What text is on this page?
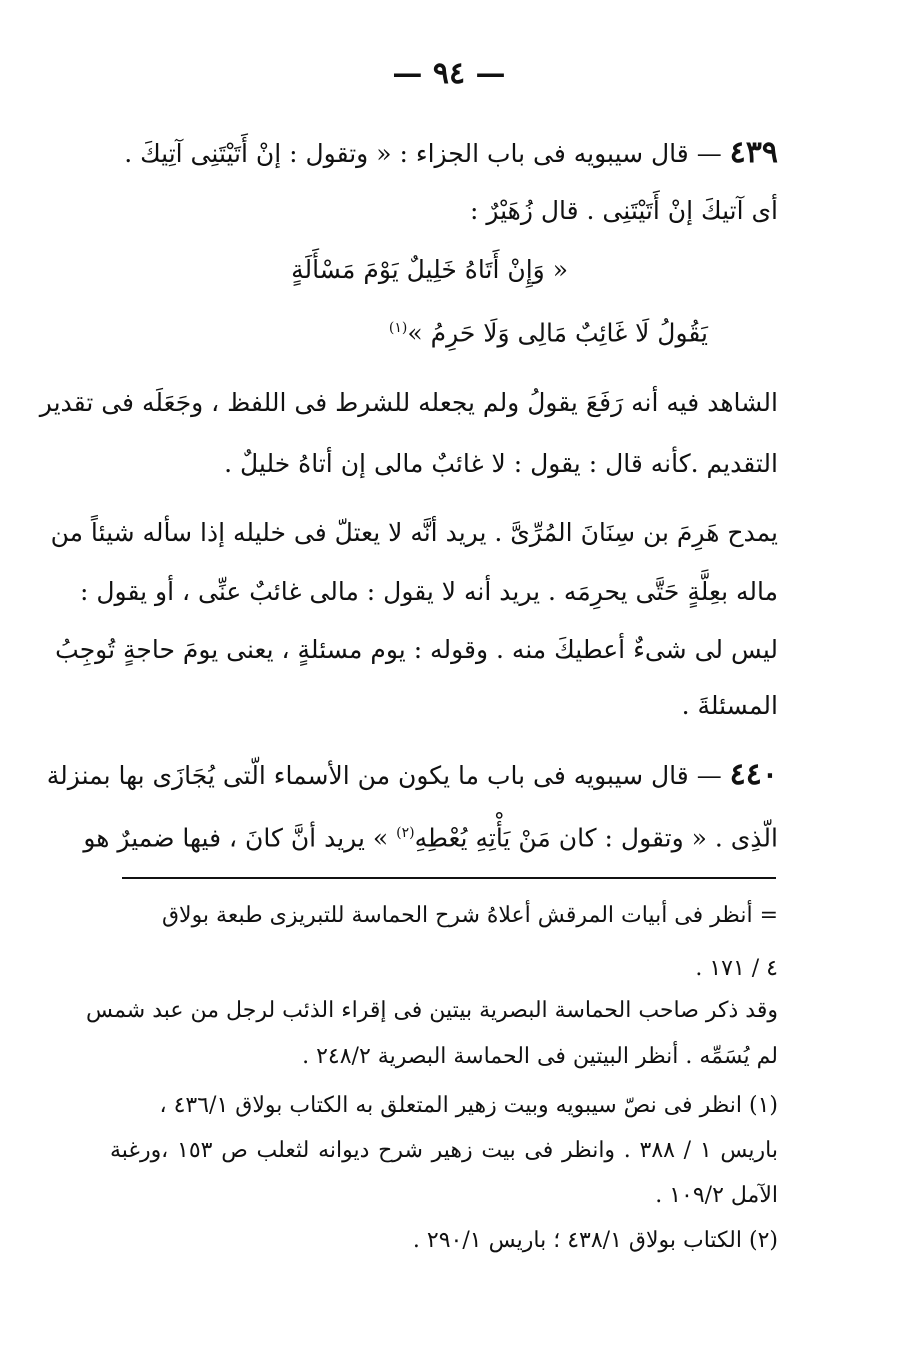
— ٩٤ —
٤٣٩ — قال سيبويه فى باب الجزاء : « وتقول : إنْ أَتَيْتَنِى آتِيكَ .
أى آتيكَ إنْ أَتَيْتَنِى . قال زُهَيْرٌ :
« وَإِنْ أَتَاهُ خَلِيلٌ يَوْمَ مَسْأَلَةٍ
يَقُولُ لَا غَائِبٌ مَالِى وَلَا حَرِمُ »$^{(١)}$
الشاهد فيه أنه رَفَعَ يقولُ ولم يجعله للشرط فى اللفظ ، وجَعَلَه فى تقدير
التقديم .كأنه قال : يقول : لا غائبٌ مالى إن أتاهُ خليلٌ .
يمدح هَرِمَ بن سِنَانَ المُرِّىَّ . يريد أنَّه لا يعتلّ فى خليله إذا سأله شيئاً من
ماله بعِلَّةٍ حَتَّى يحرِمَه . يريد أنه لا يقول : مالى غائبٌ عنِّى ، أو يقول :
ليس لى شىءٌ أعطيكَ منه . وقوله : يوم مسئلةٍ ، يعنى يومَ حاجةٍ تُوجِبُ
المسئلةَ .
٤٤٠ — قال سيبويه فى باب ما يكون من الأسماء الّتى يُجَازَى بها بمنزلة
الّذِى . « وتقول : كان مَنْ يَأْتِهِ يُعْطِهِ$^{(٢)}$ » يريد أنَّ كانَ ، فيها ضميرٌ هو
= أنظر فى أبيات المرقش أعلاهُ شرح الحماسة للتبريزى طبعة بولاق
٤ / ١٧١ .
وقد ذكر صاحب الحماسة البصرية بيتين فى إقراء الذئب لرجل من عبد شمس
لم يُسَمِّه . أنظر البيتين فى الحماسة البصرية ٢٤٨/٢ .
(١) انظر فى نصّ سيبويه وبيت زهير المتعلق به الكتاب بولاق ٤٣٦/١ ،
باريس ١ / ٣٨٨ . وانظر فى بيت زهير شرح ديوانه لثعلب ص ١٥٣ ،ورغبة
الآمل ١٠٩/٢ .
(٢) الكتاب بولاق ٤٣٨/١ ؛ باريس ٢٩٠/١ .
